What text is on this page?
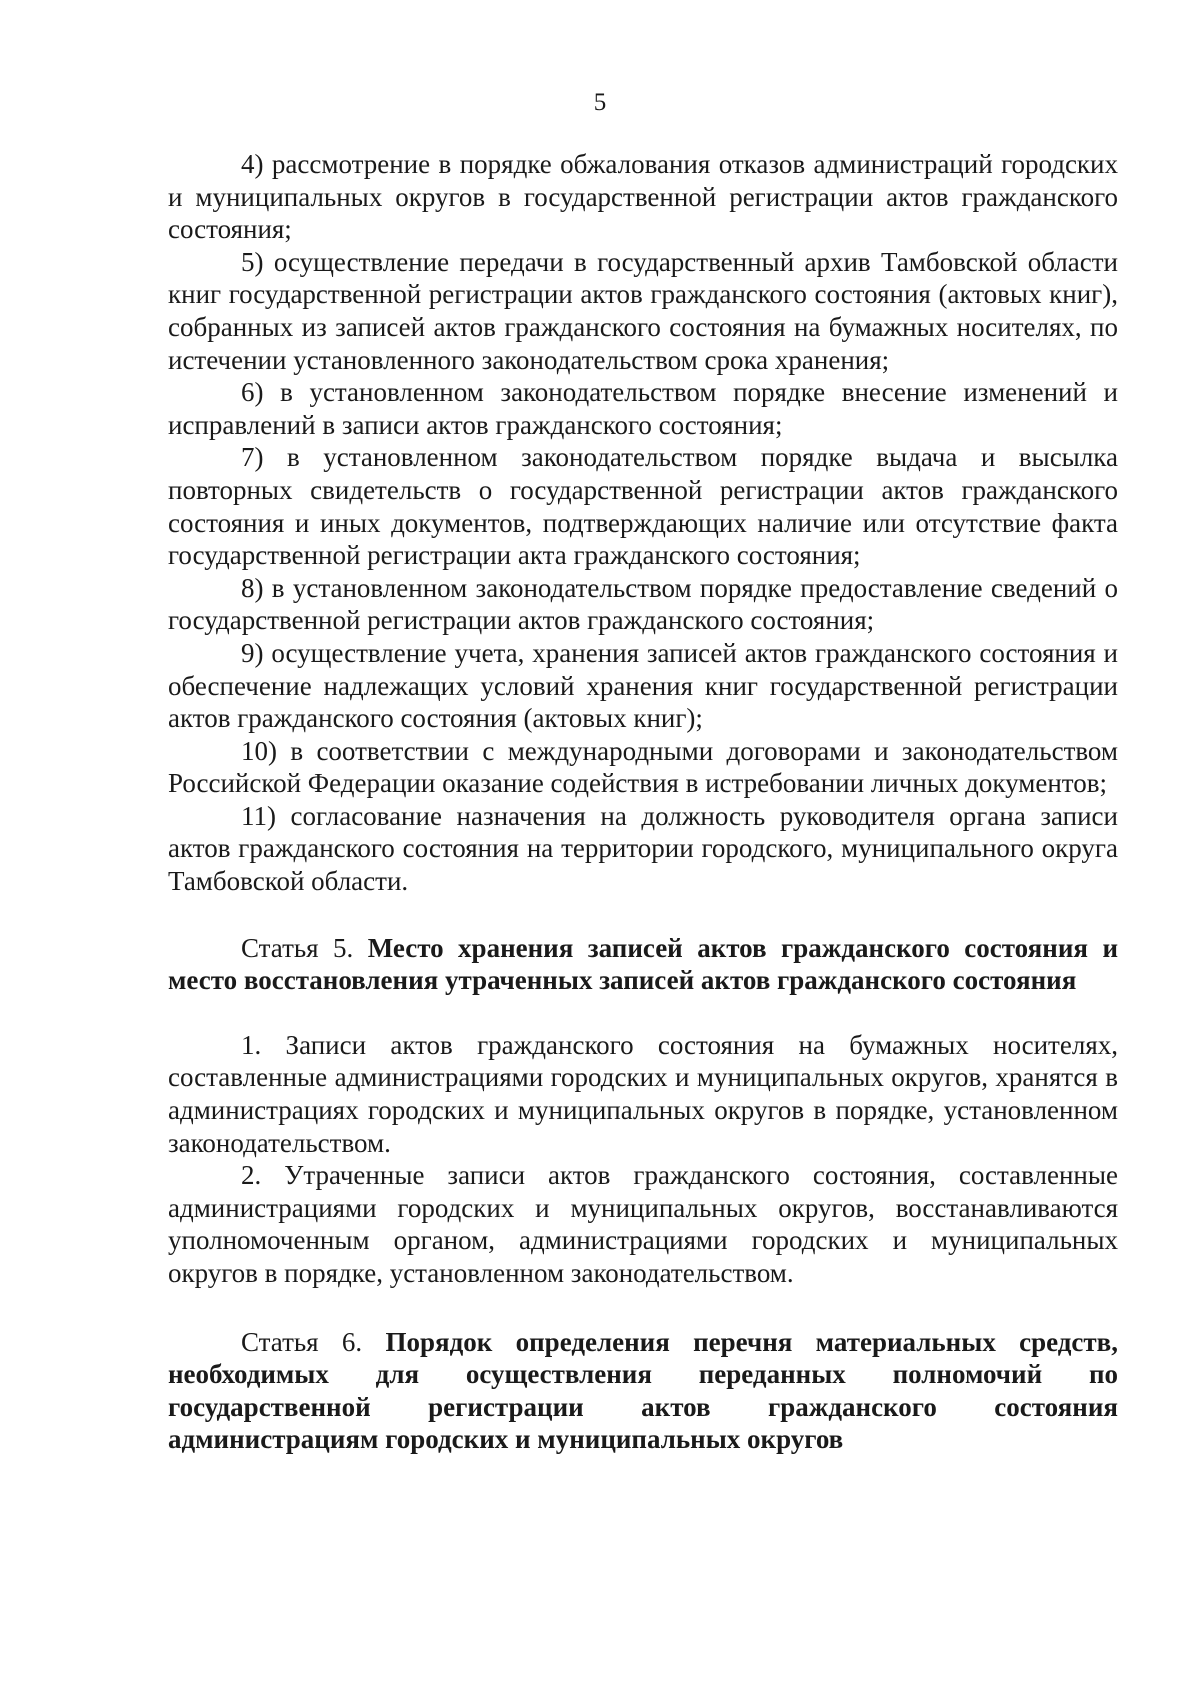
5

4) рассмотрение в порядке обжалования отказов администраций городских и муниципальных округов в государственной регистрации актов гражданского состояния;

5) осуществление передачи в государственный архив Тамбовской области книг государственной регистрации актов гражданского состояния (актовых книг), собранных из записей актов гражданского состояния на бумажных носителях, по истечении установленного законодательством срока хранения;

6) в установленном законодательством порядке внесение изменений и исправлений в записи актов гражданского состояния;

7) в установленном законодательством порядке выдача и высылка повторных свидетельств о государственной регистрации актов гражданского состояния и иных документов, подтверждающих наличие или отсутствие факта государственной регистрации акта гражданского состояния;

8) в установленном законодательством порядке предоставление сведений о государственной регистрации актов гражданского состояния;

9) осуществление учета, хранения записей актов гражданского состояния и обеспечение надлежащих условий хранения книг государственной регистрации актов гражданского состояния (актовых книг);

10) в соответствии с международными договорами и законодательством Российской Федерации оказание содействия в истребовании личных документов;

11) согласование назначения на должность руководителя органа записи актов гражданского состояния на территории городского, муниципального округа Тамбовской области.

Статья 5. Место хранения записей актов гражданского состояния и место восстановления утраченных записей актов гражданского состояния

1. Записи актов гражданского состояния на бумажных носителях, составленные администрациями городских и муниципальных округов, хранятся в администрациях городских и муниципальных округов в порядке, установленном законодательством.

2. Утраченные записи актов гражданского состояния, составленные администрациями городских и муниципальных округов, восстанавливаются уполномоченным органом, администрациями городских и муниципальных округов в порядке, установленном законодательством.

Статья 6. Порядок определения перечня материальных средств, необходимых для осуществления переданных полномочий по государственной регистрации актов гражданского состояния администрациям городских и муниципальных округов
